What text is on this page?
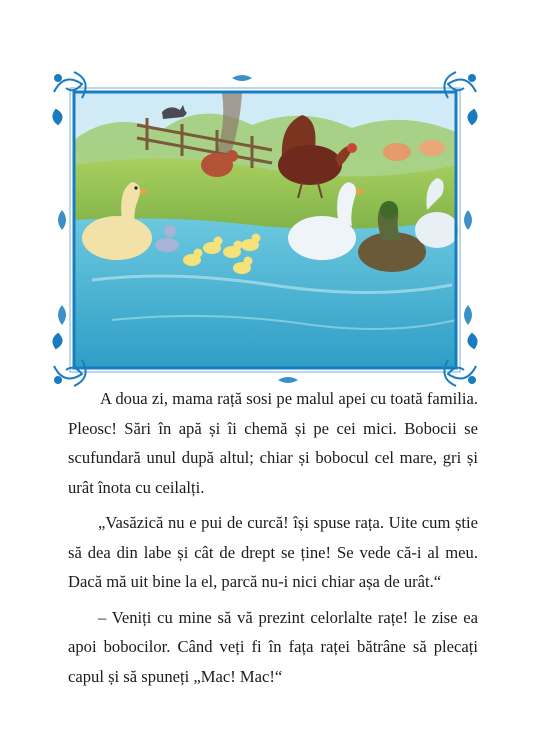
A doua zi, mama rață sosi pe malul apei cu toată familia. Pleosc! Sări în apă și îi chemă și pe cei mici. Bobocii se scufundară unul după altul; chiar și bobocul cel mare, gri și urât înota cu ceilalți.

„Vasăzică nu e pui de curcă! își spuse rața. Uite cum știe să dea din labe și cât de drept se ține! Se vede că-i al meu. Dacă mă uit bine la el, parcă nu-i nici chiar așa de urât.“

– Veniți cu mine să vă prezint celorlalte rațe! le zise ea apoi bobocilor. Când veți fi în fața raței bătrâne să plecați capul și să spuneți „Mac! Mac!“
